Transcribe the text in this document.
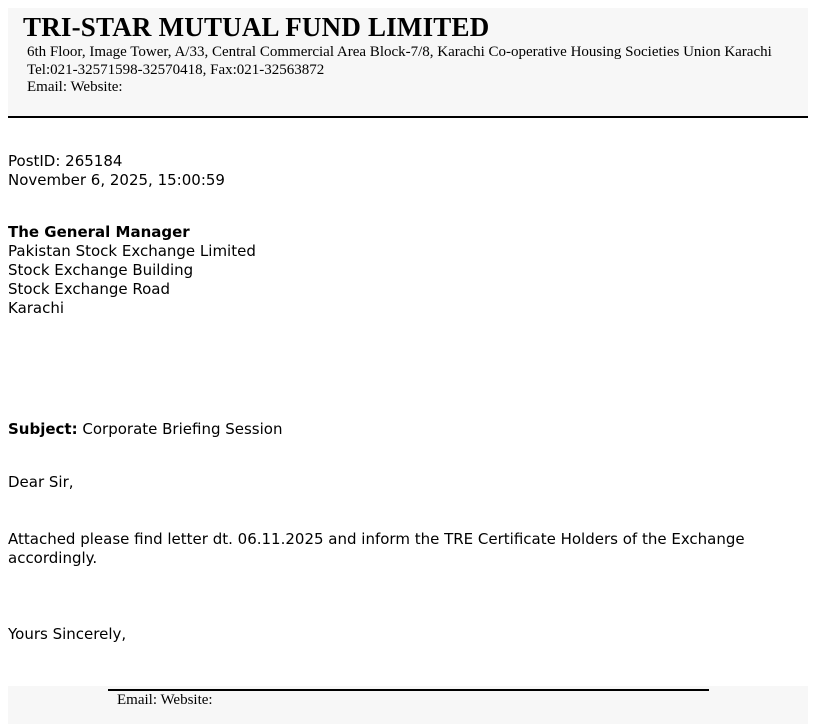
TRI-STAR MUTUAL FUND LIMITED
6th Floor, Image Tower, A/33, Central Commercial Area Block-7/8, Karachi Co-operative Housing Societies Union Karachi
Tel:021-32571598-32570418, Fax:021-32563872
Email: Website:
PostID: 265184
November 6, 2025, 15:00:59
The General Manager
Pakistan Stock Exchange Limited
Stock Exchange Building
Stock Exchange Road
Karachi
Subject: Corporate Briefing Session
Dear Sir,
Attached please find letter dt. 06.11.2025 and inform the TRE Certificate Holders of the Exchange accordingly.
Yours Sincerely,
Email: Website:
